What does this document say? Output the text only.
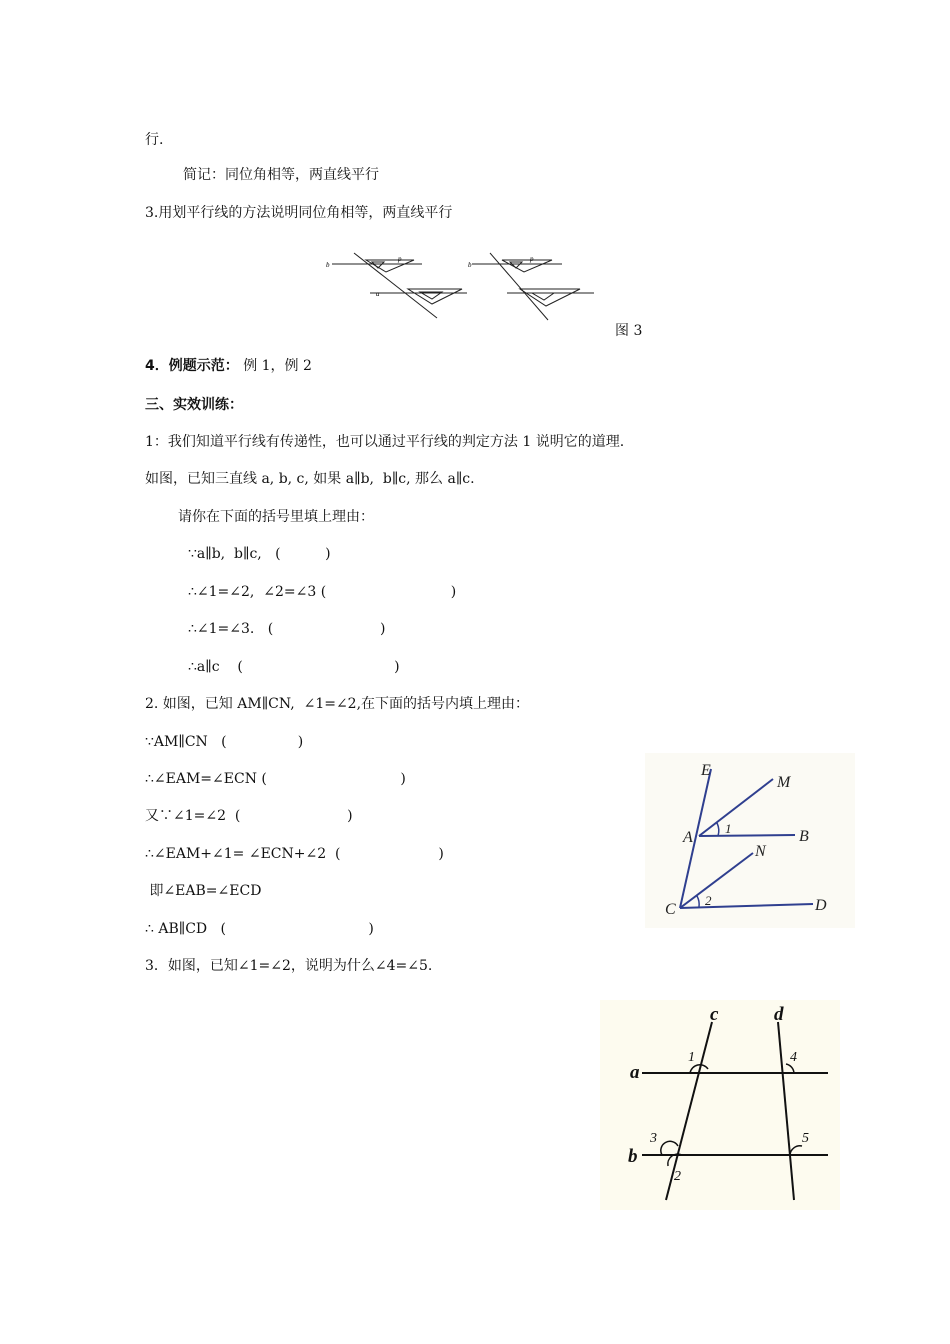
行.
简记：同位角相等，两直线平行
3.用划平行线的方法说明同位角相等，两直线平行
b
p
a
b
p
图 3
4．例题示范： 例 1，例 2
三、实效训练：
1：我们知道平行线有传递性，也可以通过平行线的判定方法 1 说明它的道理.
如图，已知三直线 a, b, c, 如果 a∥b,  b∥c, 那么 a∥c.
请你在下面的括号里填上理由：
∵a∥b,  b∥c,   (          )
∴∠1=∠2,  ∠2=∠3 (                            )
∴∠1=∠3.   (                        )
∴a∥c    (                                  )
2. 如图，已知 AM∥CN,  ∠1=∠2,在下面的括号内填上理由：
∵AM∥CN   (                )
∴∠EAM=∠ECN (                              )
又∵∠1=∠2  (                        )
∴∠EAM+∠1= ∠ECN+∠2  (                      )
即∠EAB=∠ECD
∴ AB∥CD   (                                )
3．如图，已知∠1=∠2，说明为什么∠4=∠5.
E
M
A
1	B
N
C
2	D
c	d
a
b
1	4
3
2
5
